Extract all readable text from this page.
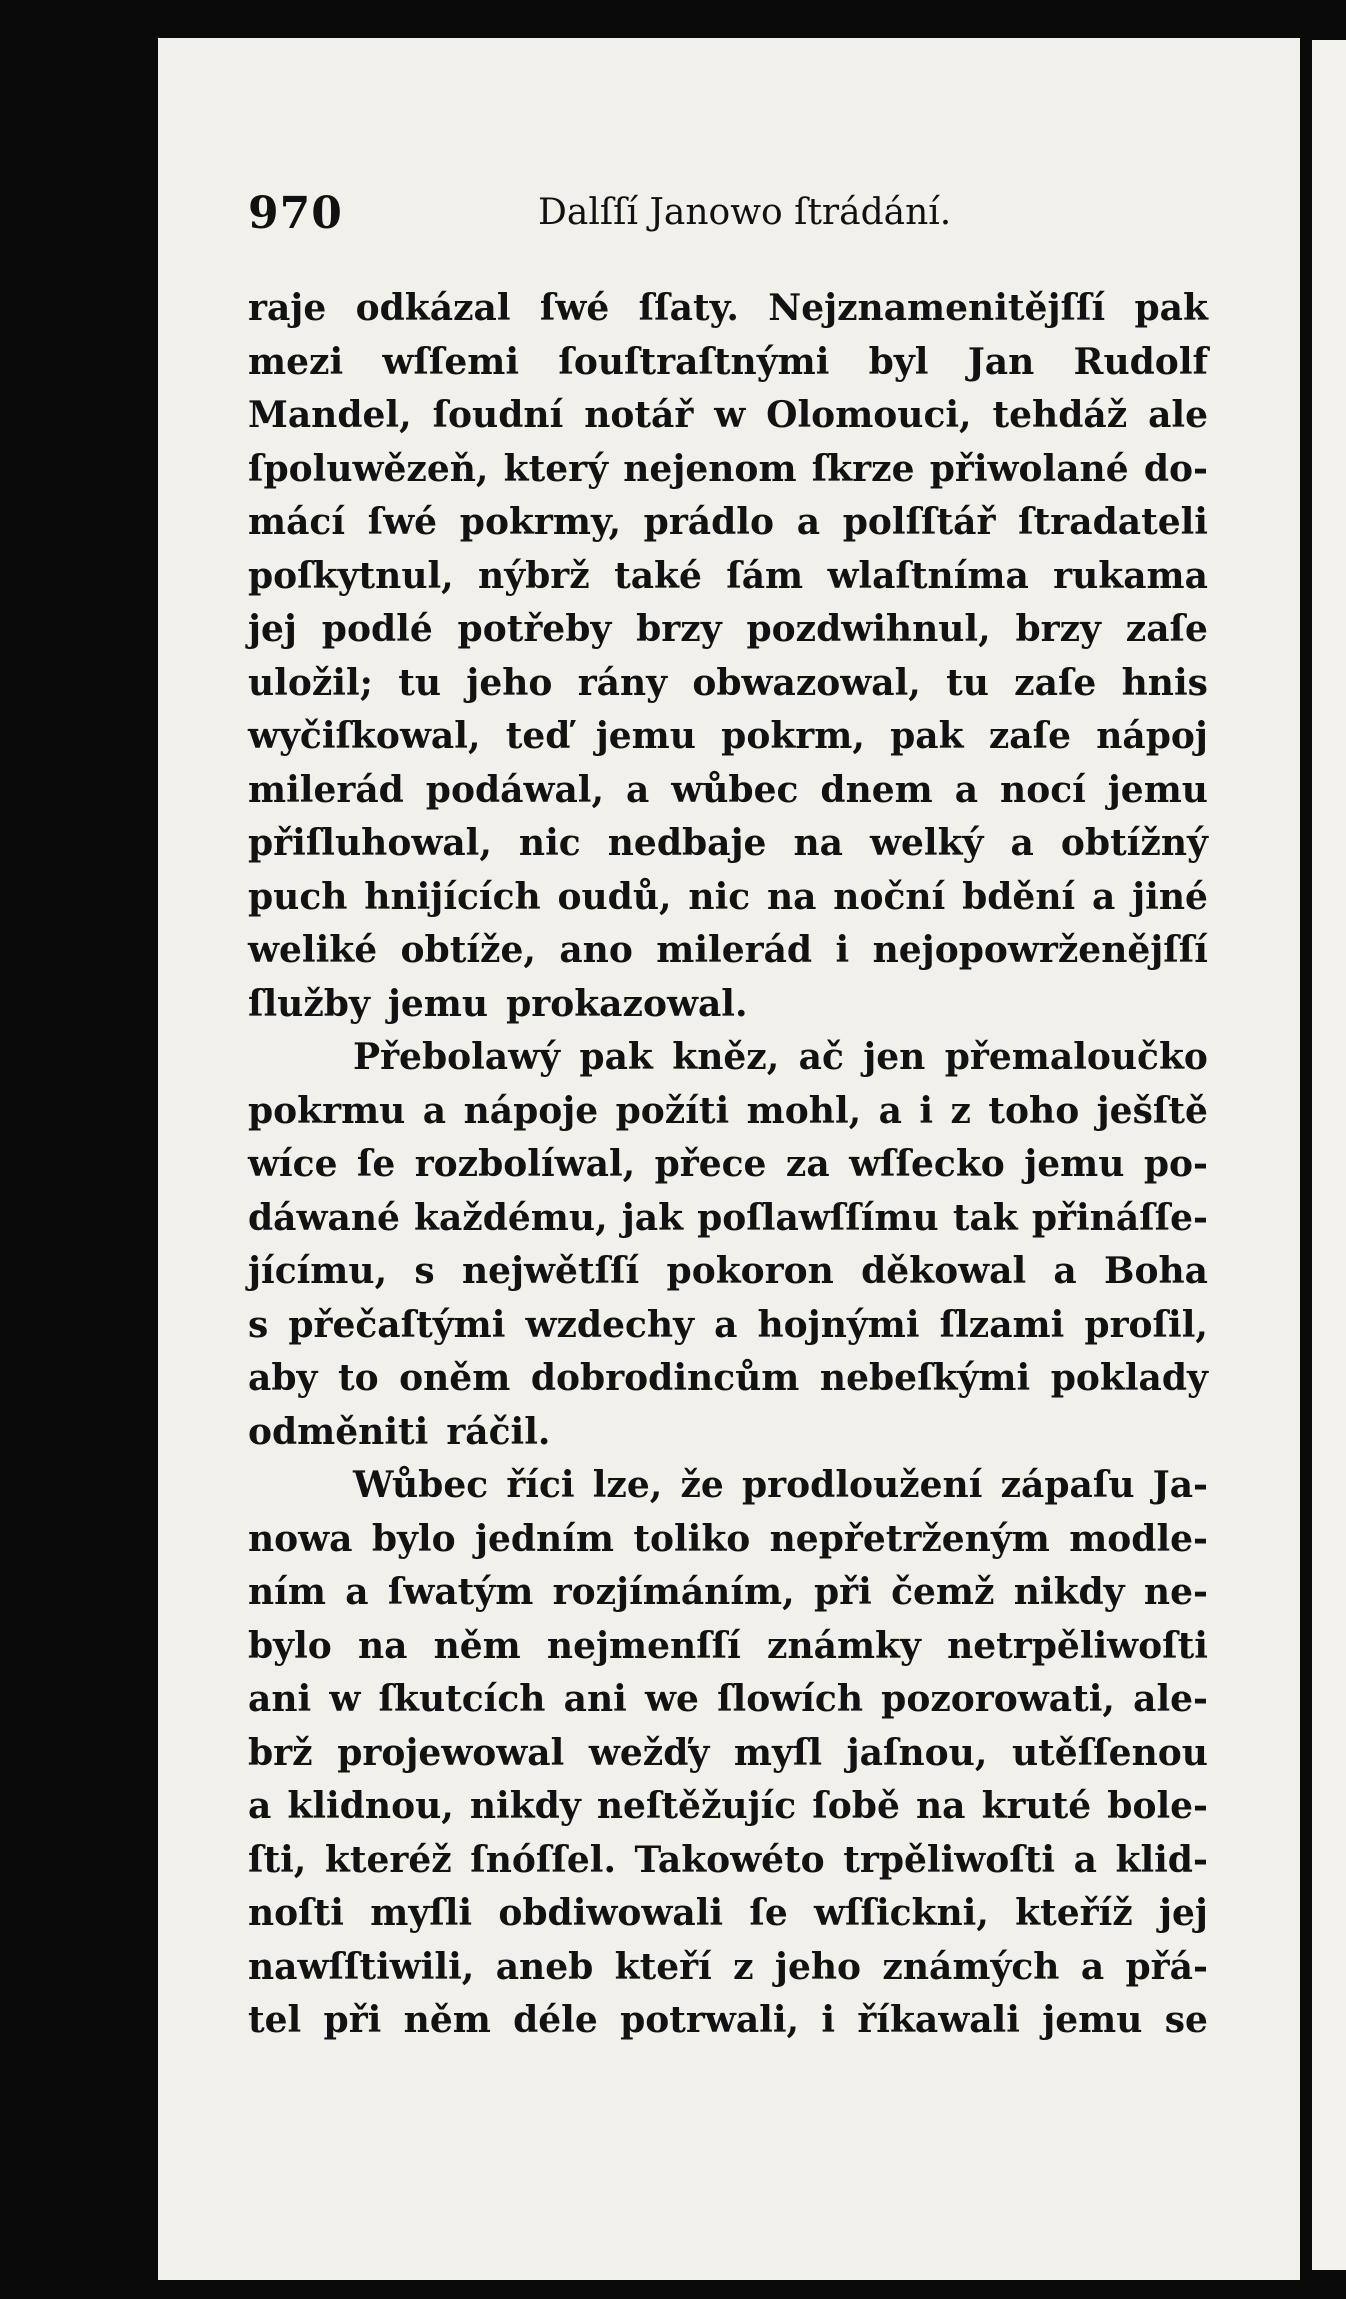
970	Dalſſí Janowo ſtrádání.
raje odkázal ſwé ſſaty. Nejznamenitějſſí pak
mezi wſſemi ſouſtraſtnými byl Jan Rudolf
Mandel, ſoudní notář w Olomouci, tehdáž ale
ſpoluwězeň, který nejenom ſkrze přiwolané do-
mácí ſwé pokrmy, prádlo a polſſtář ſtradateli
poſkytnul, nýbrž také ſám wlaſtníma rukama
jej podlé potřeby brzy pozdwihnul, brzy zaſe
uložil; tu jeho rány obwazowal, tu zaſe hnis
wyčiſkowal, teď jemu pokrm, pak zaſe nápoj
milerád podáwal, a wůbec dnem a nocí jemu
přiſluhowal, nic nedbaje na welký a obtížný
puch hnijících oudů, nic na noční bdění a jiné
weliké obtíže, ano milerád i nejopowrženějſſí
ſlužby jemu prokazowal.
Přebolawý pak kněz, ač jen přemaloučko
pokrmu a nápoje požíti mohl, a i z toho ješſtě
wíce ſe rozbolíwal, přece za wſſecko jemu po-
dáwané každému, jak poſlawſſímu tak přináſſe-
jícímu, s nejwětſſí pokoron děkowal a Boha
s přečaſtými wzdechy a hojnými ſlzami proſil,
aby to oněm dobrodincům nebeſkými poklady
odměniti ráčil.
Wůbec říci lze, že prodloužení zápaſu Ja-
nowa bylo jedním toliko nepřetrženým modle-
ním a ſwatým rozjímáním, při čemž nikdy ne-
bylo na něm nejmenſſí známky netrpěliwoſti
ani w ſkutcích ani we ſlowích pozorowati, ale-
brž projewowal wežďy myſl jaſnou, utěſſenou
a klidnou, nikdy neſtěžujíc ſobě na kruté bole-
ſti, kteréž ſnóſſel. Takowéto trpěliwoſti a klid-
noſti myſli obdiwowali ſe wſſickni, kteříž jej
nawſſtiwili, aneb kteří z jeho známých a přá-
tel při něm déle potrwali, i říkawali jemu se
